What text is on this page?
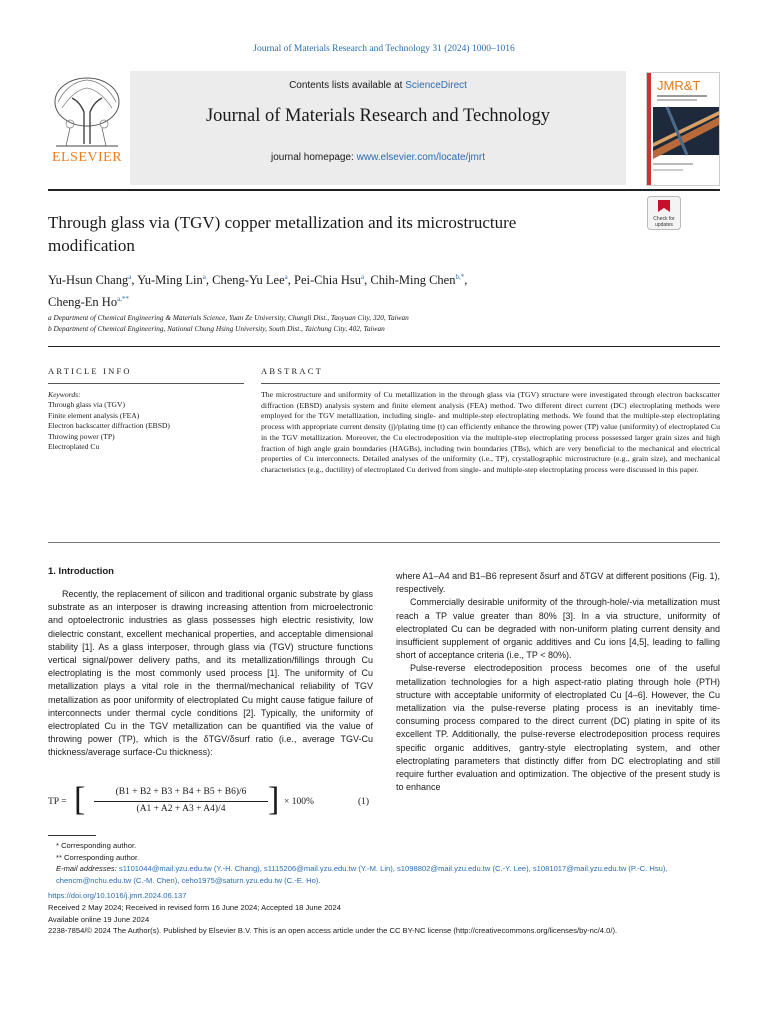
Journal of Materials Research and Technology 31 (2024) 1000–1016
Contents lists available at ScienceDirect
Journal of Materials Research and Technology
journal homepage: www.elsevier.com/locate/jmrt
ELSEVIER
JMR&T
Check for
updates
Through glass via (TGV) copper metallization and its microstructure modification
Yu-Hsun Chang$^a$, Yu-Ming Lin$^a$, Cheng-Yu Lee$^a$, Pei-Chia Hsu$^a$, Chih-Ming Chen$^{b,*}$,
Cheng-En $Ho^{a,**}$
a Department of Chemical Engineering & Materials Science, Yuan Ze University, Chungli Dist., Taoyuan City, 320, Taiwan
b Department of Chemical Engineering, National Chung Hsing University, South Dist., Taichung City, 402, Taiwan
ARTICLE INFO	ABSTRACT
Keywords:
Through glass via (TGV)
Finite element analysis (FEA)
Electron backscatter diffraction (EBSD)
Throwing power (TP)
Electroplated Cu
The microstructure and uniformity of Cu metallization in the through glass via (TGV) structure were investigated through electron backscatter diffraction (EBSD) analysis system and finite element analysis (FEA) method. Two different direct current (DC) electroplating methods were employed for the TGV metallization, including single- and multiple-step electroplating methods. We found that the multiple-step electroplating process with appropriate current density (j)/plating time (t) can efficiently enhance the throwing power (TP) value (uniformity) of electroplated Cu in the TGV metallization. Moreover, the Cu electrodeposition via the multiple-step electroplating process possessed larger grain sizes and high fraction of high angle grain boundaries (HAGBs), including twin boundaries (TBs), which are very beneficial to the mechanical and electrical properties of Cu interconnects. Detailed analyses of the uniformity (i.e., TP), crystallographic microstructure (e.g., grain size), and mechanical characteristics (e.g., ductility) of electroplated Cu derived from single- and multiple-step electroplating process were discussed in this paper.
1. Introduction
Recently, the replacement of silicon and traditional organic substrate by glass substrate as an interposer is drawing increasing attention from microelectronic and optoelectronic industries as glass possesses high electric resistivity, low dielectric constant, excellent mechanical properties, and acceptable dimensional stability [1]. As a glass interposer, through glass via (TGV) structure functions vertical signal/power delivery paths, and its metallization/fillings through Cu electroplating is the most commonly used process [1]. The uniformity of Cu metallization plays a vital role in the thermal/mechanical reliability of TGV metallization as poor uniformity of electroplated Cu might cause fatigue failure of interconnects under thermal cycle conditions [2]. Typically, the uniformity of electroplated Cu in the TGV metallization can be quantified via the value of throwing power (TP), which is the δTGV/δsurf ratio (i.e., average TGV-Cu thickness/average surface-Cu thickness):
TP = [	(B1 + B2 + B3 + B4 + B5 + B6)/6
(A1 + A2 + A3 + A4)/4	] × 100%	(1)

where A1–A4 and B1–B6 represent δsurf and δTGV at different positions (Fig. 1), respectively.

Commercially desirable uniformity of the through-hole/-via metallization must reach a TP value greater than 80% [3]. In a via structure, uniformity of electroplated Cu can be degraded with non-uniform plating current density and insufficient supplement of organic additives and Cu ions [4,5], leading to falling short of acceptance criteria (i.e., TP < 80%).

Pulse-reverse electrodeposition process becomes one of the useful metallization technologies for a high aspect-ratio plating through hole (PTH) structure with acceptable uniformity of electroplated Cu [4–6]. However, the Cu metallization via the pulse-reverse plating process is an inevitably time-consuming process compared to the direct current (DC) plating in spite of its excellent TP. Additionally, the pulse-reverse electrodeposition process requires specific organic additives, gantry-style electroplating system, and other electroplating parameters that distinctly differ from DC electroplating and still require further evaluation and optimization. The objective of the present study is to enhance

* Corresponding author.
** Corresponding author.
E-mail addresses: s1101044@mail.yzu.edu.tw (Y.-H. Chang), s1115206@mail.yzu.edu.tw (Y.-M. Lin), s1098802@mail.yzu.edu.tw (C.-Y. Lee), s1081017@mail.yzu.edu.tw (P.-C. Hsu), chencm@nchu.edu.tw (C.-M. Chen), ceho1975@saturn.yzu.edu.tw (C.-E. Ho).
https://doi.org/10.1016/j.jmrt.2024.06.137
Received 2 May 2024; Received in revised form 16 June 2024; Accepted 18 June 2024
Available online 19 June 2024
2238-7854/© 2024 The Author(s). Published by Elsevier B.V. This is an open access article under the CC BY-NC license (http://creativecommons.org/licenses/by-nc/4.0/).
